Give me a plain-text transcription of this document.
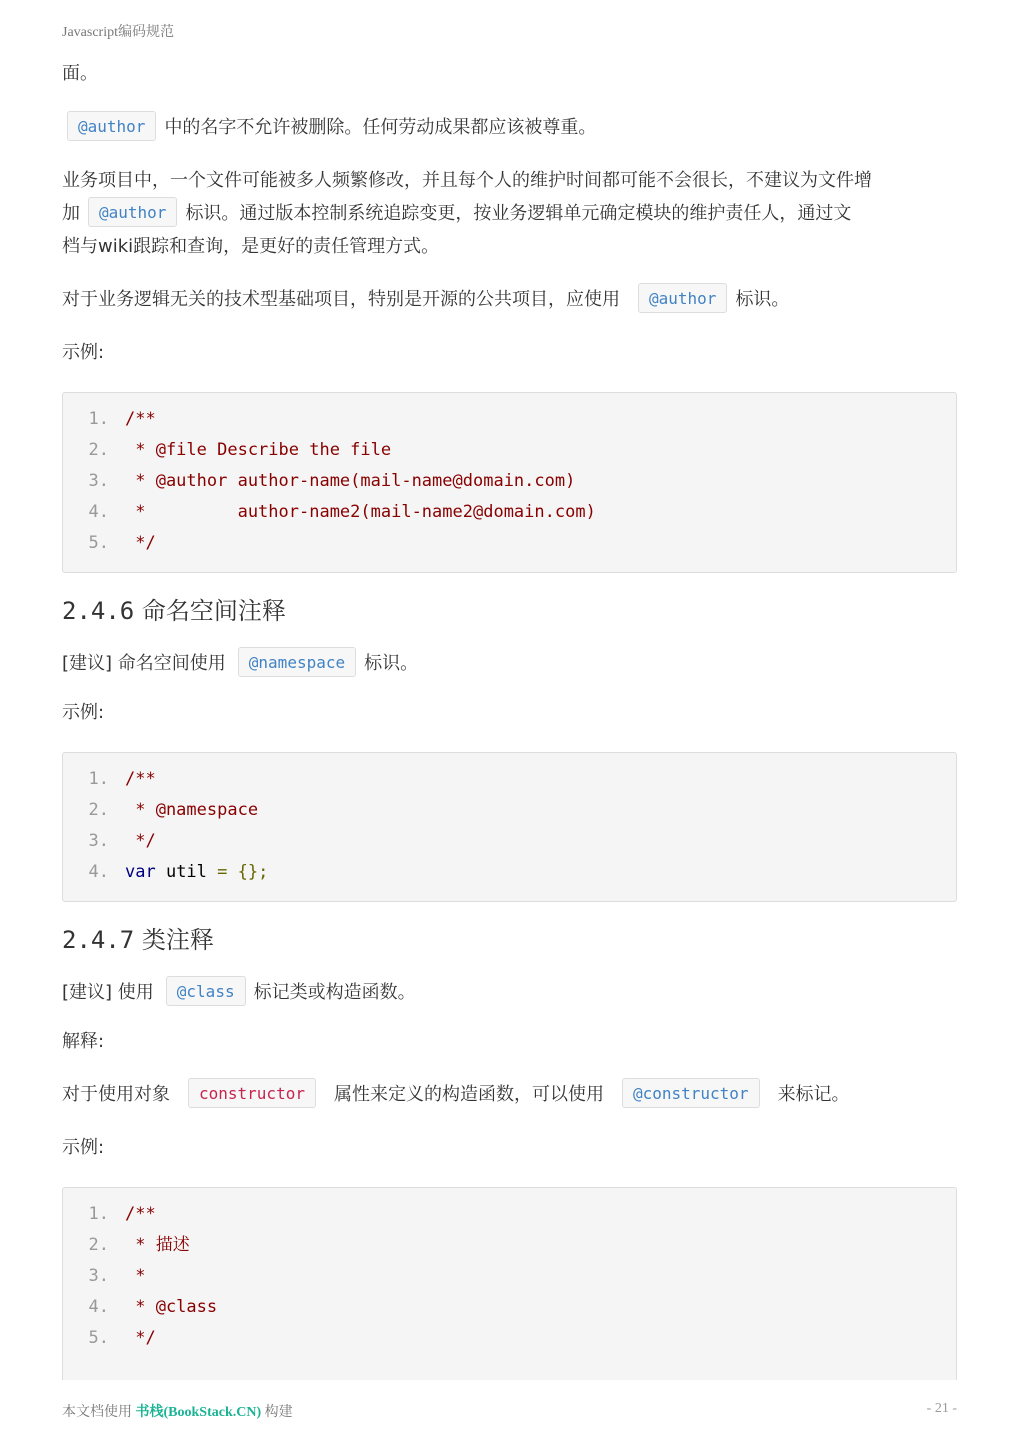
Javascript编码规范

面。

@author 中的名字不允许被删除。任何劳动成果都应该被尊重。

业务项目中，一个文件可能被多人频繁修改，并且每个人的维护时间都可能不会很长，不建议为文件增
加 @author 标识。通过版本控制系统追踪变更，按业务逻辑单元确定模块的维护责任人，通过文
档与wiki跟踪和查询，是更好的责任管理方式。

对于业务逻辑无关的技术型基础项目，特别是开源的公共项目，应使用 @author 标识。

示例:

1. /**
2. * @file Describe the file
3. * @author author-name(mail-name@domain.com)
4. *         author-name2(mail-name2@domain.com)
5. */
2.4.6 命名空间注释

[建议] 命名空间使用 @namespace 标识。

示例:

1. /**
2. * @namespace
3. */
4. var util = {};
2.4.7 类注释

[建议] 使用 @class 标记类或构造函数。

解释:

对于使用对象 constructor 属性来定义的构造函数，可以使用 @constructor 来标记。

示例:

1. /**
2. * 描述
3. *
4. * @class
5. */
本文档使用 书栈(BookStack.CN) 构建	- 21 -
